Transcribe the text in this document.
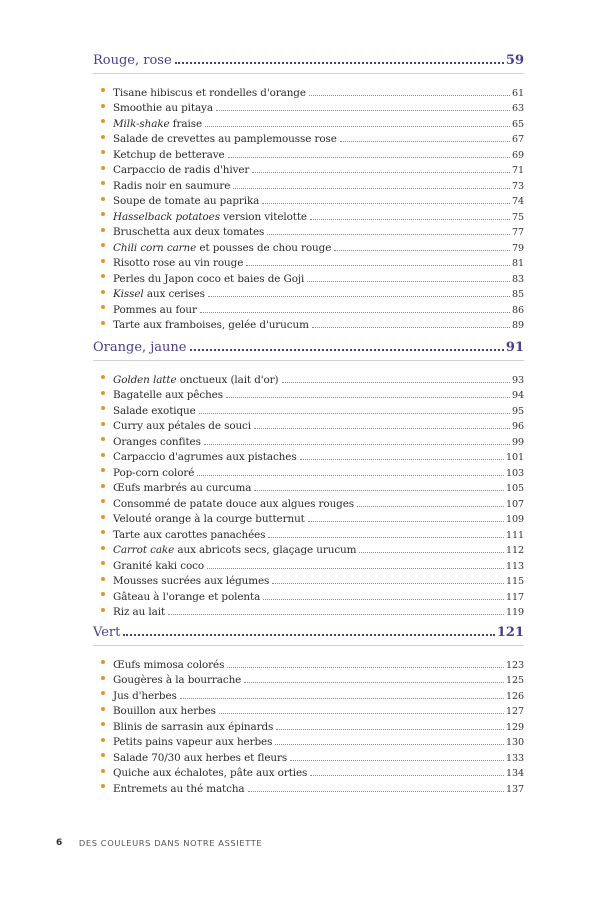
Rouge, rose	59
Tisane hibiscus et rondelles d'orange	61
Smoothie au pitaya	63
Milk-shake fraise	65
Salade de crevettes au pamplemousse rose	67
Ketchup de betterave	69
Carpaccio de radis d'hiver	71
Radis noir en saumure	73
Soupe de tomate au paprika	74
Hasselback potatoes version vitelotte	75
Bruschetta aux deux tomates	77
Chili corn carne et pousses de chou rouge	79
Risotto rose au vin rouge	81
Perles du Japon coco et baies de Goji	83
Kissel aux cerises	85
Pommes au four	86
Tarte aux framboises, gelée d'urucum	89
Orange, jaune	91
Golden latte onctueux (lait d'or)	93
Bagatelle aux pêches	94
Salade exotique	95
Curry aux pétales de souci	96
Oranges confites	99
Carpaccio d'agrumes aux pistaches	101
Pop-corn coloré	103
Œufs marbrés au curcuma	105
Consommé de patate douce aux algues rouges	107
Velouté orange à la courge butternut	109
Tarte aux carottes panachées	111
Carrot cake aux abricots secs, glaçage urucum	112
Granité kaki coco	113
Mousses sucrées aux légumes	115
Gâteau à l'orange et polenta	117
Riz au lait	119
Vert	121
Œufs mimosa colorés	123
Gougères à la bourrache	125
Jus d'herbes	126
Bouillon aux herbes	127
Blinis de sarrasin aux épinards	129
Petits pains vapeur aux herbes	130
Salade 70/30 aux herbes et fleurs	133
Quiche aux échalotes, pâte aux orties	134
Entremets au thé matcha	137
6 DES COULEURS DANS NOTRE ASSIETTE
